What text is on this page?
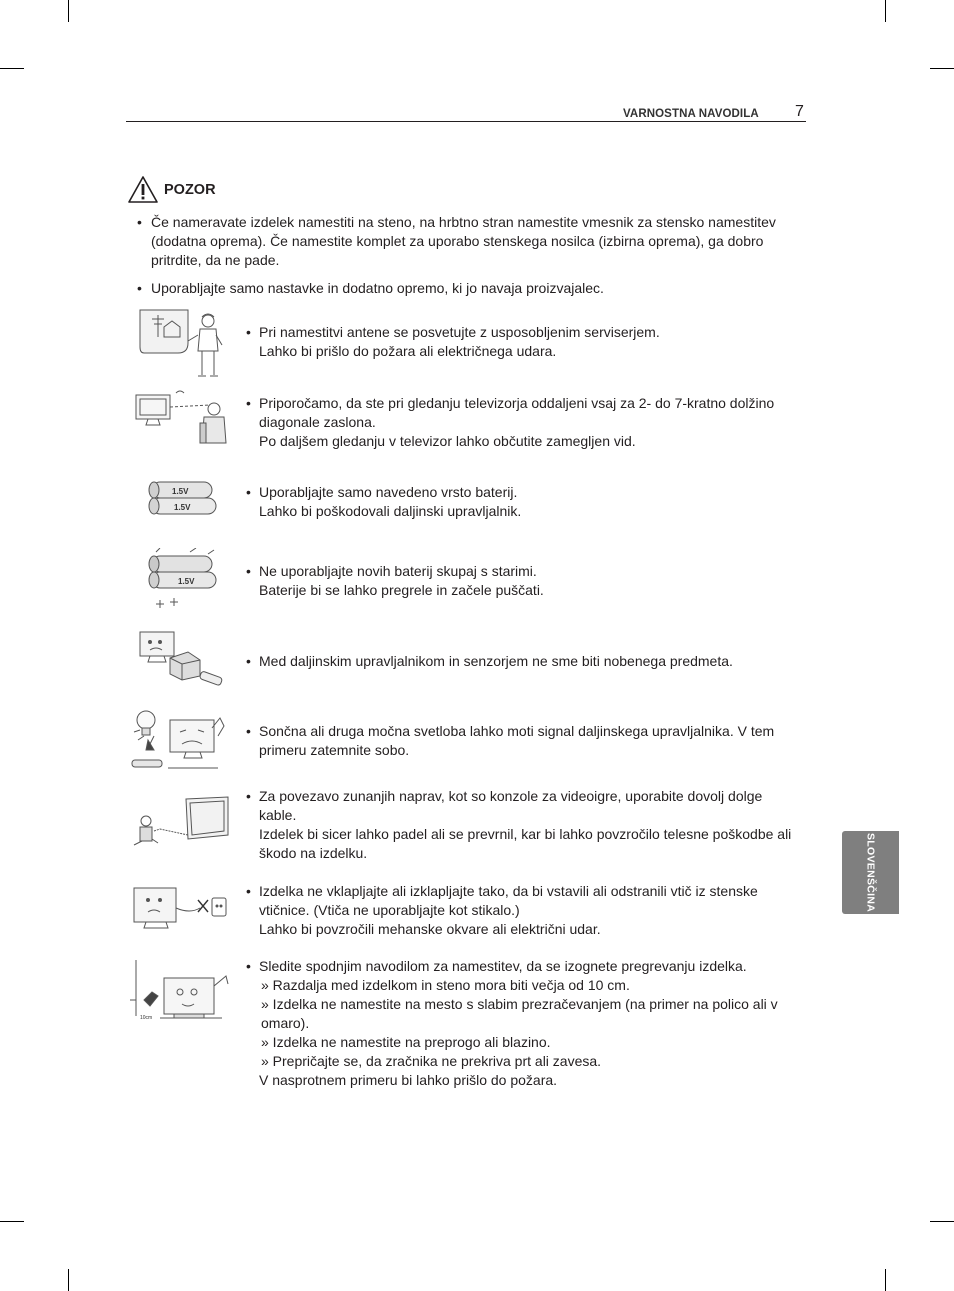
VARNOSTNA NAVODILA 7
SLOVENŠČINA
POZOR
• Če nameravate izdelek namestiti na steno, na hrbtno stran namestite vmesnik za stensko namestitev (dodatna oprema). Če namestite komplet za uporabo stenskega nosilca (izbirna oprema), ga dobro pritrdite, da ne pade.
• Uporabljajte samo nastavke in dodatno opremo, ki jo navaja proizvajalec.
• Pri namestitvi antene se posvetujte z usposobljenim serviserjem.
Lahko bi prišlo do požara ali električnega udara.
• Priporočamo, da ste pri gledanju televizorja oddaljeni vsaj za 2- do 7-kratno dolžino diagonale zaslona.
Po daljšem gledanju v televizor lahko občutite zamegljen vid.
1.5V
1.5V
• Uporabljajte samo navedeno vrsto baterij.
Lahko bi poškodovali daljinski upravljalnik.
1.5V
• Ne uporabljajte novih baterij skupaj s starimi.
Baterije bi se lahko pregrele in začele puščati.
• Med daljinskim upravljalnikom in senzorjem ne sme biti nobenega predmeta.
• Sončna ali druga močna svetloba lahko moti signal daljinskega upravljalnika. V tem primeru zatemnite sobo.
• Za povezavo zunanjih naprav, kot so konzole za videoigre, uporabite dovolj dolge kable.
Izdelek bi sicer lahko padel ali se prevrnil, kar bi lahko povzročilo telesne poškodbe ali škodo na izdelku.
• Izdelka ne vklapljajte ali izklapljajte tako, da bi vstavili ali odstranili vtič iz stenske vtičnice. (Vtiča ne uporabljajte kot stikalo.)
Lahko bi povzročili mehanske okvare ali električni udar.
10cm
• Sledite spodnjim navodilom za namestitev, da se izognete pregrevanju izdelka.
» Razdalja med izdelkom in steno mora biti večja od 10 cm.
» Izdelka ne namestite na mesto s slabim prezračevanjem (na primer na polico ali v omaro).
» Izdelka ne namestite na preprogo ali blazino.
» Prepričajte se, da zračnika ne prekriva prt ali zavesa.
V nasprotnem primeru bi lahko prišlo do požara.
